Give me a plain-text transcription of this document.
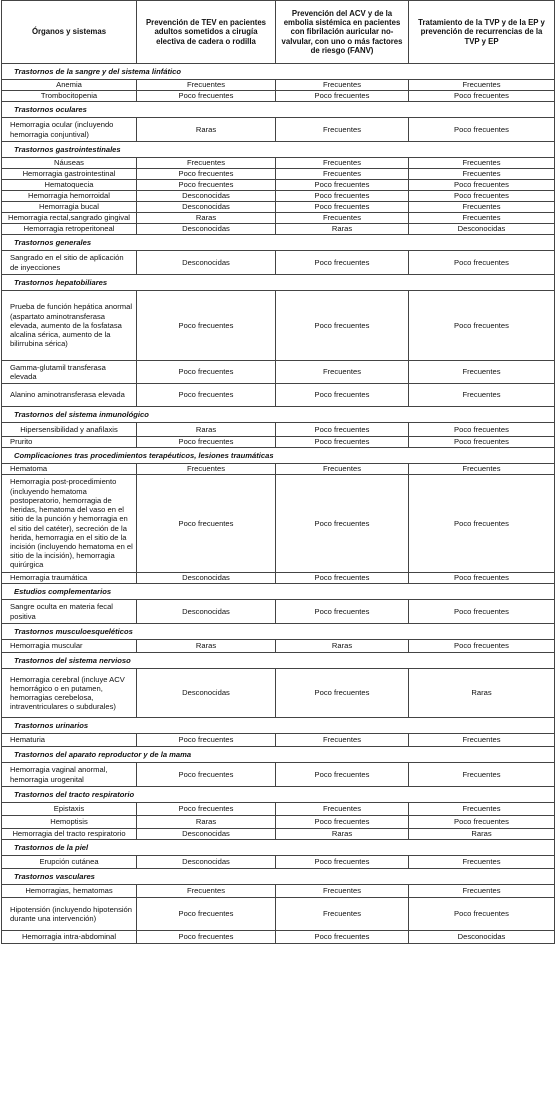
Órganos y sistemas	Prevención de TEV en pacientes adultos sometidos a cirugía electiva de cadera o rodilla	Prevención del ACV y de la embolia sistémica en pacientes con fibrilación auricular no-valvular, con uno o más factores de riesgo (FANV)	Tratamiento de la TVP y de la EP y prevención de recurrencias de la TVP y EP
Trastornos de la sangre y del sistema linfático			
Anemia	Frecuentes	Frecuentes	Frecuentes
Trombocitopenia	Poco frecuentes	Poco frecuentes	Poco frecuentes
Trastornos oculares			
Hemorragia ocular (incluyendo hemorragia conjuntival)	Raras	Frecuentes	Poco frecuentes
Trastornos gastrointestinales			
Náuseas	Frecuentes	Frecuentes	Frecuentes
Hemorragia gastrointestinal	Poco frecuentes	Frecuentes	Frecuentes
Hematoquecia	Poco frecuentes	Poco frecuentes	Poco frecuentes
Hemorragia hemorroidal	Desconocidas	Poco frecuentes	Poco frecuentes
Hemorragia bucal	Desconocidas	Poco frecuentes	Frecuentes
Hemorragia rectal,sangrado gingival	Raras	Frecuentes	Frecuentes
Hemorragia retroperitoneal	Desconocidas	Raras	Desconocidas
Trastornos generales			
Sangrado en el sitio de aplicación de inyecciones	Desconocidas	Poco frecuentes	Poco frecuentes
Trastornos hepatobiliares			
Prueba de función hepática anormal (aspartato aminotransferasa elevada, aumento de la fosfatasa alcalina sérica, aumento de la bilirrubina sérica)	Poco frecuentes	Poco frecuentes	Poco frecuentes
Gamma-glutamil transferasa elevada	Poco frecuentes	Frecuentes	Frecuentes
Alanino aminotransferasa elevada	Poco frecuentes	Poco frecuentes	Frecuentes
Trastornos del sistema inmunológico			
Hipersensibilidad y anafilaxis	Raras	Poco frecuentes	Poco frecuentes
Prurito	Poco frecuentes	Poco frecuentes	Poco frecuentes
Complicaciones tras procedimientos terapéuticos, lesiones traumáticas			
Hematoma	Frecuentes	Frecuentes	Frecuentes
Hemorragia post-procedimiento (incluyendo hematoma postoperatorio, hemorragia de heridas, hematoma del vaso en el sitio de la punción y hemorragia en el sitio del catéter), secreción de la herida, hemorragia en el sitio de la incisión (incluyendo hematoma en el sitio de la incisión), hemorragia quirúrgica	Poco frecuentes	Poco frecuentes	Poco frecuentes
Hemorragia traumática	Desconocidas	Poco frecuentes	Poco frecuentes
Estudios complementarios			
Sangre oculta en materia fecal positiva	Desconocidas	Poco frecuentes	Poco frecuentes
Trastornos musculoesqueléticos			
Hemorragia muscular	Raras	Raras	Poco frecuentes
Trastornos del sistema nervioso			
Hemorragia cerebral (incluye ACV hemorrágico o en putamen, hemorragias cerebelosa, intraventriculares o subdurales)	Desconocidas	Poco frecuentes	Raras
Trastornos urinarios			
Hematuria	Poco frecuentes	Frecuentes	Frecuentes
Trastornos del aparato reproductor y de la mama			
Hemorragia vaginal anormal, hemorragia urogenital	Poco frecuentes	Poco frecuentes	Frecuentes
Trastornos del tracto respiratorio			
Epistaxis	Poco frecuentes	Frecuentes	Frecuentes
Hemoptisis	Raras	Poco frecuentes	Poco frecuentes
Hemorragia del tracto respiratorio	Desconocidas	Raras	Raras
Trastornos de la piel			
Erupción cutánea	Desconocidas	Poco frecuentes	Frecuentes
Trastornos vasculares			
Hemorragias, hematomas	Frecuentes	Frecuentes	Frecuentes
Hipotensión (incluyendo hipotensión durante una intervención)	Poco frecuentes	Frecuentes	Poco frecuentes
Hemorragia intra-abdominal	Poco frecuentes	Poco frecuentes	Desconocidas
